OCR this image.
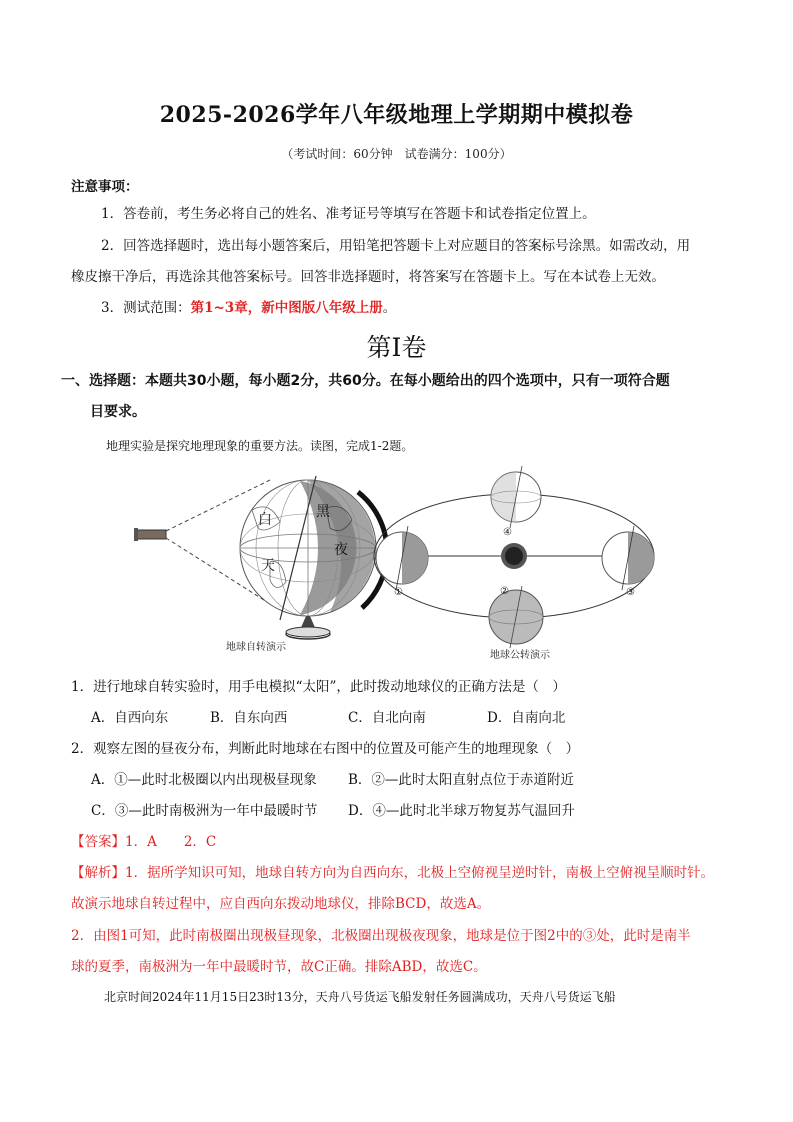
2025-2026学年八年级地理上学期期中模拟卷
（考试时间：60分钟　试卷满分：100分）
注意事项：
1．答卷前，考生务必将自己的姓名、准考证号等填写在答题卡和试卷指定位置上。
2．回答选择题时，选出每小题答案后，用铅笔把答题卡上对应题目的答案标号涂黑。如需改动，用
橡皮擦干净后，再选涂其他答案标号。回答非选择题时，将答案写在答题卡上。写在本试卷上无效。
3．测试范围：第1~3章，新中图版八年级上册。
第I卷
一、选择题：本题共30小题，每小题2分，共60分。在每小题给出的四个选项中，只有一项符合题
目要求。
地理实验是探究地理现象的重要方法。读图，完成1-2题。
白
天
黑
夜
地球自转演示
①	②	③
④
地球公转演示
1．进行地球自转实验时，用手电模拟“太阳”，此时拨动地球仪的正确方法是（　）
A．自西向东	B．自东向西	C．自北向南	D．自南向北
2．观察左图的昼夜分布，判断此时地球在右图中的位置及可能产生的地理现象（　）
A．①—此时北极圈以内出现极昼现象 B．②—此时太阳直射点位于赤道附近
C．③—此时南极洲为一年中最暖时节 D．④—此时北半球万物复苏气温回升
【答案】1．A　　2．C
【解析】1．据所学知识可知，地球自转方向为自西向东，北极上空俯视呈逆时针，南极上空俯视呈顺时针。
故演示地球自转过程中，应自西向东拨动地球仪，排除BCD，故选A。
2．由图1可知，此时南极圈出现极昼现象，北极圈出现极夜现象，地球是位于图2中的③处，此时是南半
球的夏季，南极洲为一年中最暖时节，故C正确。排除ABD，故选C。
北京时间2024年11月15日23时13分，天舟八号货运飞船发射任务圆满成功，天舟八号货运飞船
